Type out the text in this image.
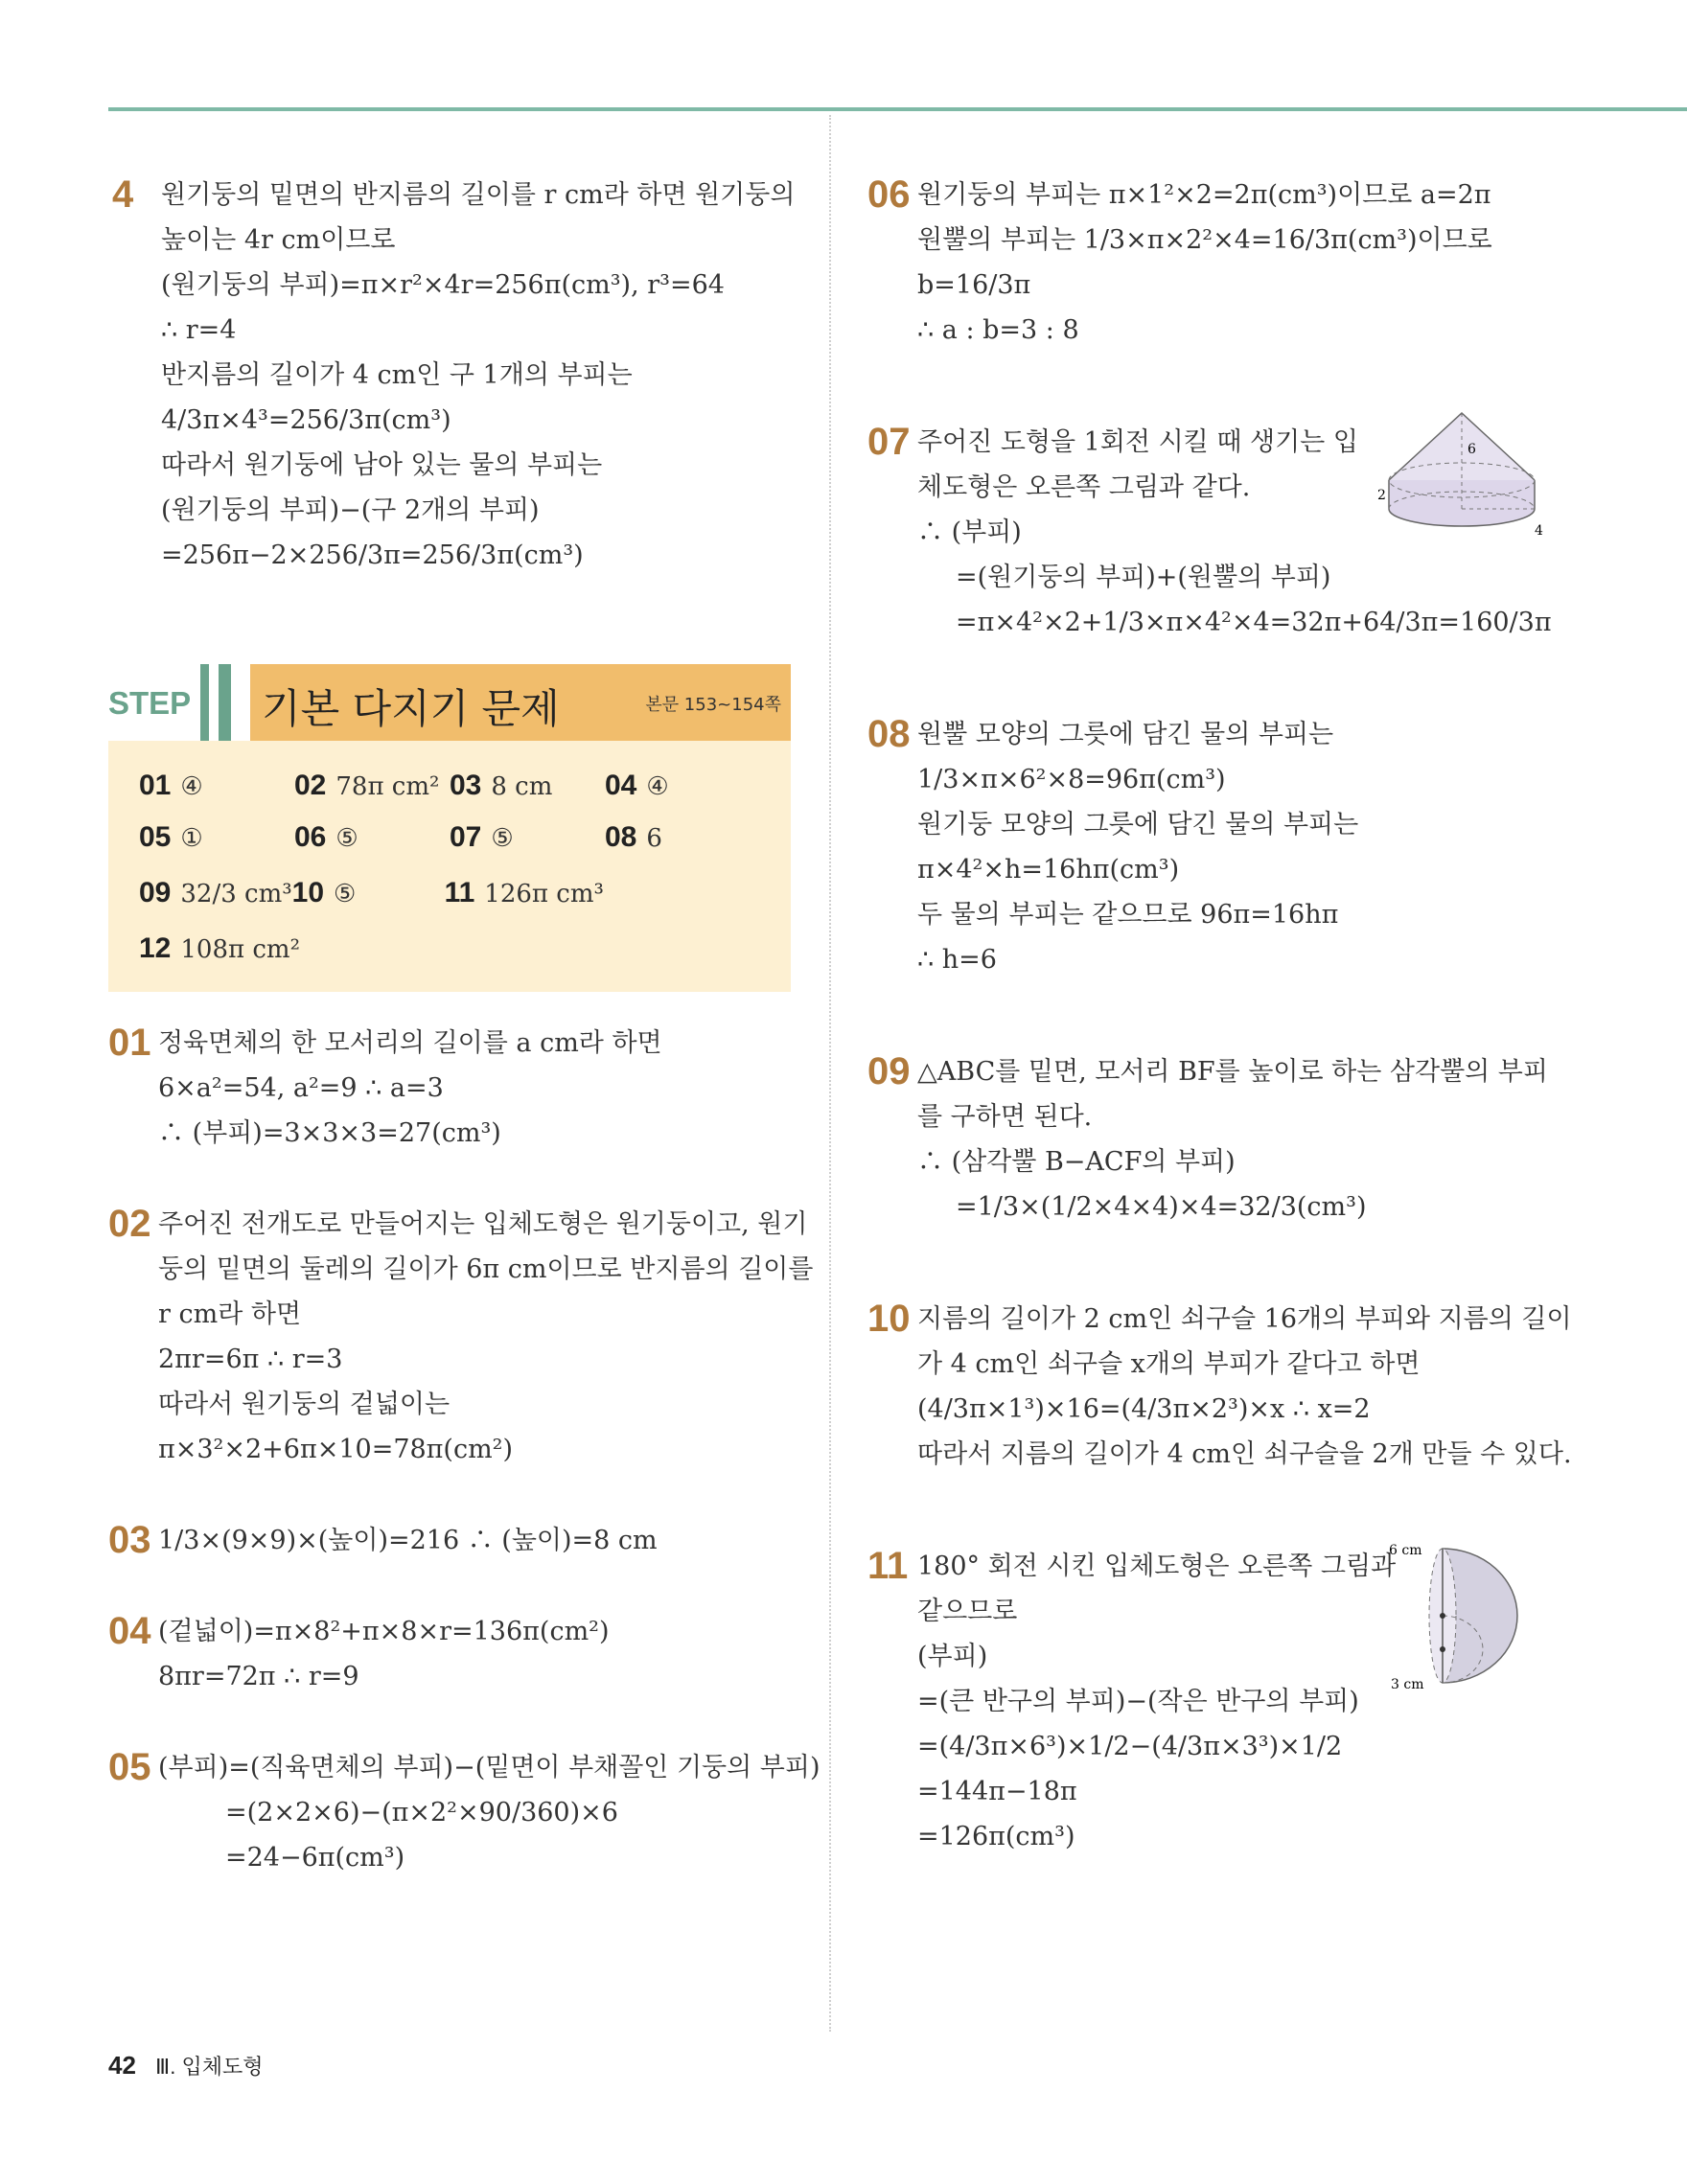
4 원기둥의 밑면의 반지름의 길이를 r cm라 하면 원기둥의
높이는 4r cm이므로
(원기둥의 부피)=π×r²×4r=256π(cm³), r³=64
∴ r=4
반지름의 길이가 4 cm인 구 1개의 부피는
4/3π×4³=256/3π(cm³)
따라서 원기둥에 남아 있는 물의 부피는
(원기둥의 부피)−(구 2개의 부피)
=256π−2×256/3π=256/3π(cm³)
STEP 기본 다지기 문제	본문 153~154쪽
01 ④	02 78π cm² 03 8 cm	04 ④
05 ①	06 ⑤	07 ⑤	08 6
09 32/3 cm³ 10 ⑤	11 126π cm³
12 108π cm²
01 정육면체의 한 모서리의 길이를 a cm라 하면
6×a²=54, a²=9 ∴ a=3
∴ (부피)=3×3×3=27(cm³)
02 주어진 전개도로 만들어지는 입체도형은 원기둥이고, 원기
둥의 밑면의 둘레의 길이가 6π cm이므로 반지름의 길이를
r cm라 하면
2πr=6π ∴ r=3
따라서 원기둥의 겉넓이는
π×3²×2+6π×10=78π(cm²)
03 1/3×(9×9)×(높이)=216 ∴ (높이)=8 cm
04 (겉넓이)=π×8²+π×8×r=136π(cm²)
8πr=72π ∴ r=9
05 (부피)=(직육면체의 부피)−(밑면이 부채꼴인 기둥의 부피)
=(2×2×6)−(π×2²×90/360)×6
=24−6π(cm³)
06 원기둥의 부피는 π×1²×2=2π(cm³)이므로 a=2π
원뿔의 부피는 1/3×π×2²×4=16/3π(cm³)이므로
b=16/3π
∴ a : b=3 : 8
07 주어진 도형을 1회전 시킬 때 생기는 입
체도형은 오른쪽 그림과 같다.
∴ (부피)
=(원기둥의 부피)+(원뿔의 부피)
=π×4²×2+1/3×π×4²×4=32π+64/3π=160/3π
6
2
4
08 원뿔 모양의 그릇에 담긴 물의 부피는
1/3×π×6²×8=96π(cm³)
원기둥 모양의 그릇에 담긴 물의 부피는
π×4²×h=16hπ(cm³)
두 물의 부피는 같으므로 96π=16hπ
∴ h=6
09 △ABC를 밑면, 모서리 BF를 높이로 하는 삼각뿔의 부피
를 구하면 된다.
∴ (삼각뿔 B−ACF의 부피)
=1/3×(1/2×4×4)×4=32/3(cm³)
10 지름의 길이가 2 cm인 쇠구슬 16개의 부피와 지름의 길이
가 4 cm인 쇠구슬 x개의 부피가 같다고 하면
(4/3π×1³)×16=(4/3π×2³)×x ∴ x=2
따라서 지름의 길이가 4 cm인 쇠구슬을 2개 만들 수 있다.
11 180° 회전 시킨 입체도형은 오른쪽 그림과
같으므로
(부피)
=(큰 반구의 부피)−(작은 반구의 부피)
=(4/3π×6³)×1/2−(4/3π×3³)×1/2
=144π−18π
=126π(cm³)
6 cm
3 cm
42 Ⅲ. 입체도형
